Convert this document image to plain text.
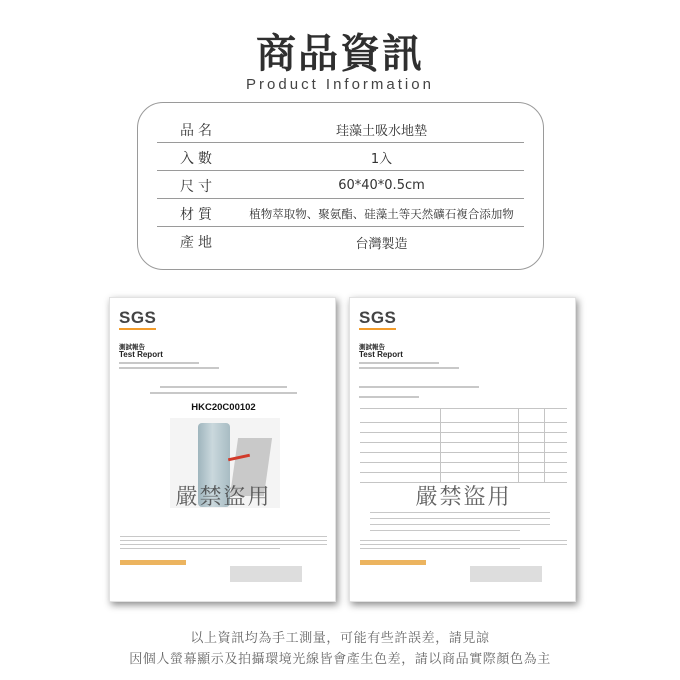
商品資訊
Product Information
品名	珪藻土吸水地墊
入數	1入
尺寸	60*40*0.5cm
材質	植物萃取物、聚氨酯、硅藻土等天然礦石複合添加物
產地	台灣製造
SGS
測試報告
Test Report
HKC20C00102
嚴禁盜用
SGS
測試報告
Test Report
嚴禁盜用
以上資訊均為手工測量，可能有些許誤差，請見諒
因個人螢幕顯示及拍攝環境光線皆會產生色差，請以商品實際顏色為主
